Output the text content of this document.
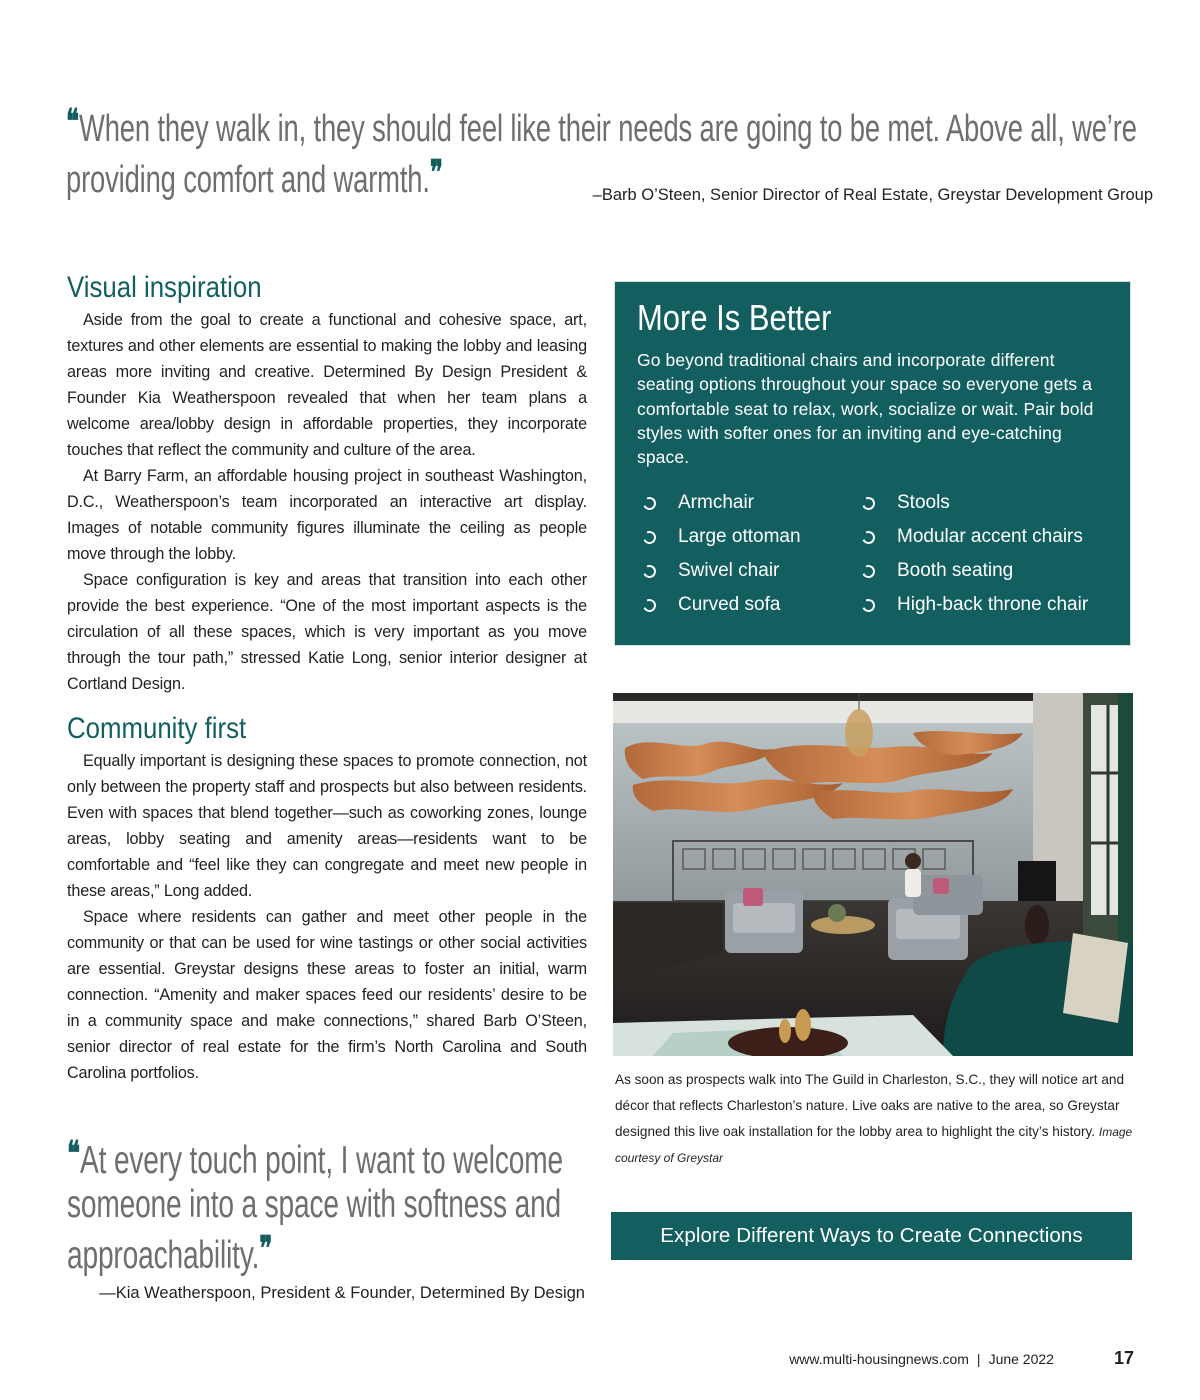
❝When they walk in, they should feel like their needs are going to be met. Above all, we’re providing comfort and warmth.❞
–Barb O’Steen, Senior Director of Real Estate, Greystar Development Group
Visual inspiration

Aside from the goal to create a functional and cohesive space, art, textures and other elements are essential to making the lobby and leasing areas more inviting and creative. Determined By Design President & Founder Kia Weatherspoon revealed that when her team plans a welcome area/lobby design in affordable properties, they incorporate touches that reflect the community and culture of the area.

At Barry Farm, an affordable housing project in southeast Washington, D.C., Weatherspoon’s team incorporated an interactive art display. Images of notable community figures illuminate the ceiling as people move through the lobby.

Space configuration is key and areas that transition into each other provide the best experience. “One of the most important aspects is the circulation of all these spaces, which is very important as you move through the tour path,” stressed Katie Long, senior interior designer at Cortland Design.

Community first

Equally important is designing these spaces to promote connection, not only between the property staff and prospects but also between residents. Even with spaces that blend together—such as coworking zones, lounge areas, lobby seating and amenity areas—residents want to be comfortable and “feel like they can congregate and meet new people in these areas,” Long added.

Space where residents can gather and meet other people in the community or that can be used for wine tastings or other social activities are essential. Greystar designs these areas to foster an initial, warm connection. “Amenity and maker spaces feed our residents’ desire to be in a community space and make connections,” shared Barb O’Steen, senior director of real estate for the firm’s North Carolina and South Carolina portfolios.

❝At every touch point, I want to welcome someone into a space with softness and approachability.❞
—Kia Weatherspoon, President & Founder, Determined By Design
More Is Better
Go beyond traditional chairs and incorporate different seating options throughout your space so everyone gets a comfortable seat to relax, work, socialize or wait. Pair bold styles with softer ones for an inviting and eye-catching space.
Armchair	Stools
Large ottoman	Modular accent chairs
Swivel chair	Booth seating
Curved sofa	High-back throne chair
As soon as prospects walk into The Guild in Charleston, S.C., they will notice art and décor that reflects Charleston’s nature. Live oaks are native to the area, so Greystar designed this live oak installation for the lobby area to highlight the city’s history. Image courtesy of Greystar
Explore Different Ways to Create Connections
www.multi-housingnews.com | June 2022	17
